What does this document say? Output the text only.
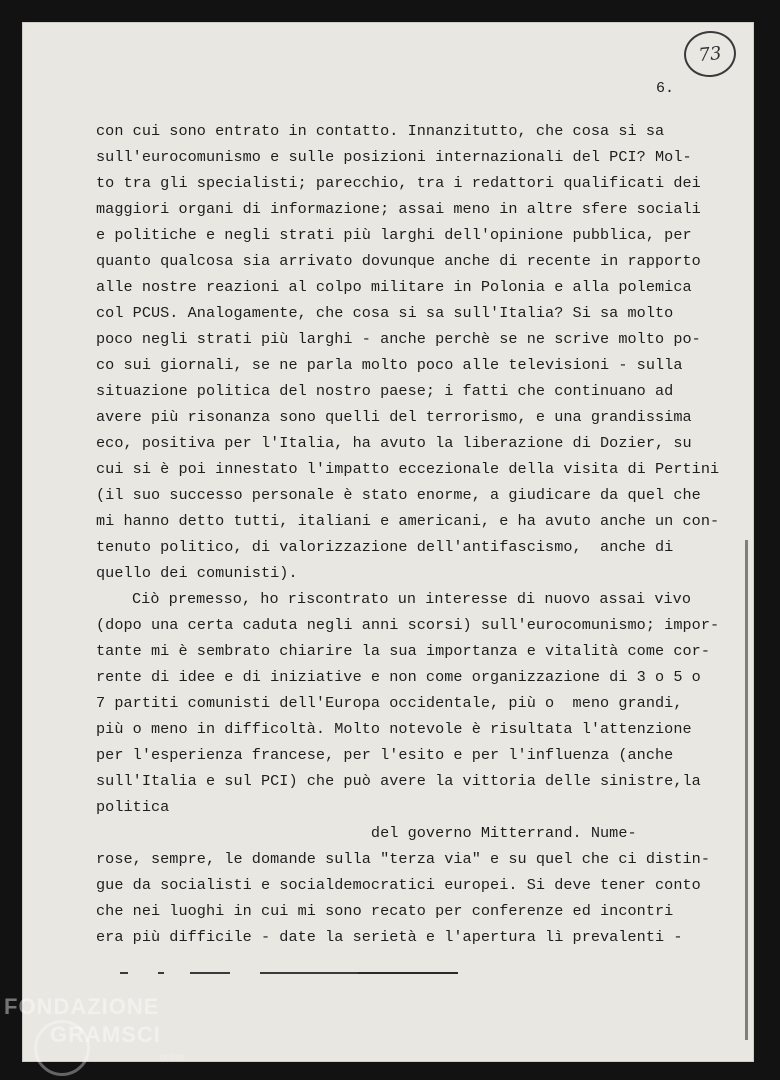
73
6.
con cui sono entrato in contatto. Innanzitutto, che cosa si sa
sull'eurocomunismo e sulle posizioni internazionali del PCI? Mol-
to tra gli specialisti; parecchio, tra i redattori qualificati dei
maggiori organi di informazione; assai meno in altre sfere sociali
e politiche e negli strati più larghi dell'opinione pubblica, per
quanto qualcosa sia arrivato dovunque anche di recente in rapporto
alle nostre reazioni al colpo militare in Polonia e alla polemica
col PCUS. Analogamente, che cosa si sa sull'Italia? Si sa molto
poco negli strati più larghi - anche perchè se ne scrive molto po-
co sui giornali, se ne parla molto poco alle televisioni - sulla
situazione politica del nostro paese; i fatti che continuano ad
avere più risonanza sono quelli del terrorismo, e una grandissima
eco, positiva per l'Italia, ha avuto la liberazione di Dozier, su
cui si è poi innestato l'impatto eccezionale della visita di Pertini
(il suo successo personale è stato enorme, a giudicare da quel che
mi hanno detto tutti, italiani e americani, e ha avuto anche un con-
tenuto politico, di valorizzazione dell'antifascismo,  anche di
quello dei comunisti).
Ciò premesso, ho riscontrato un interesse di nuovo assai vivo
(dopo una certa caduta negli anni scorsi) sull'eurocomunismo; impor-
tante mi è sembrato chiarire la sua importanza e vitalità come cor-
rente di idee e di iniziative e non come organizzazione di 3 o 5 o
7 partiti comunisti dell'Europa occidentale, più o  meno grandi,
più o meno in difficoltà. Molto notevole è risultata l'attenzione
per l'esperienza francese, per l'esito e per l'influenza (anche
sull'Italia e sul PCI) che può avere la vittoria delle sinistre,la
politica
del governo Mitterrand. Nume-
rose, sempre, le domande sulla "terza via" e su quel che ci distin-
gue da socialisti e socialdemocratici europei. Si deve tener conto
che nei luoghi in cui mi sono recato per conferenze ed incontri
era più difficile - date la serietà e l'apertura lì prevalenti -
FONDAZIONE
GRAMSCI
onlus
